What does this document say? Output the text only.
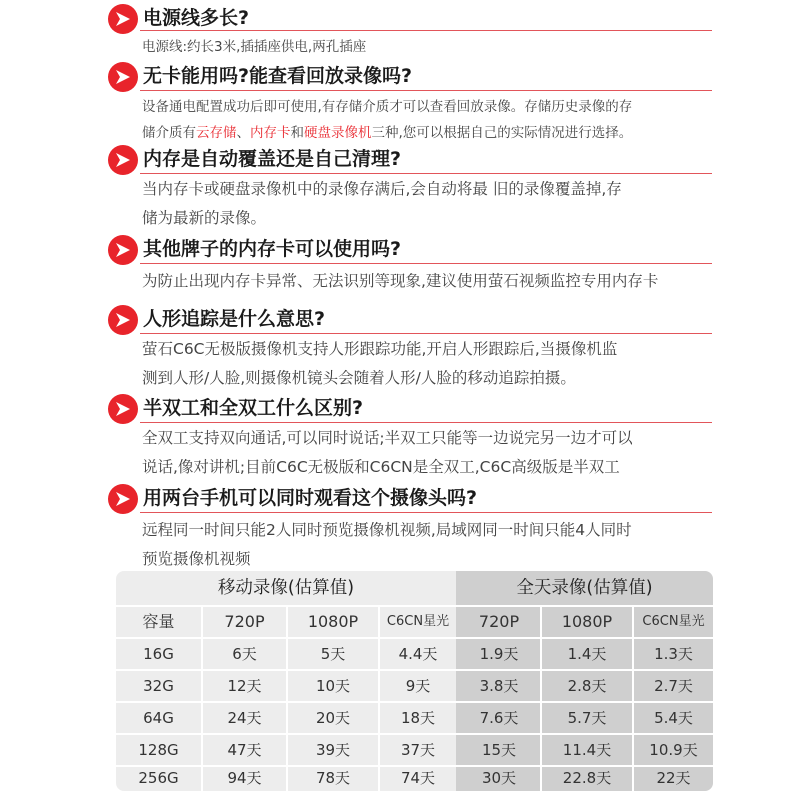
电源线多长?
电源线:约长3米,插插座供电,两孔插座
无卡能用吗?能查看回放录像吗?
设备通电配置成功后即可使用,有存储介质才可以查看回放录像。存储历史录像的存
储介质有云存储、内存卡和硬盘录像机三种,您可以根据自己的实际情况进行选择。
内存是自动覆盖还是自己清理?
当内存卡或硬盘录像机中的录像存满后,会自动将最 旧的录像覆盖掉,存
储为最新的录像。
其他牌子的内存卡可以使用吗?
为防止出现内存卡异常、无法识别等现象,建议使用萤石视频监控专用内存卡
人形追踪是什么意思?
萤石C6C无极版摄像机支持人形跟踪功能,开启人形跟踪后,当摄像机监
测到人形/人脸,则摄像机镜头会随着人形/人脸的移动追踪拍摄。
半双工和全双工什么区别?
全双工支持双向通话,可以同时说话;半双工只能等一边说完另一边才可以
说话,像对讲机;目前C6C无极版和C6CN是全双工,C6C高级版是半双工
用两台手机可以同时观看这个摄像头吗?
远程同一时间只能2人同时预览摄像机视频,局域网同一时间只能4人同时
预览摄像机视频
移动录像(估算值)	全天录像(估算值)
容量	720P	1080P	C6CN星光	720P	1080P	C6CN星光
16G	6天	5天	4.4天	1.9天	1.4天	1.3天
32G	12天	10天	9天	3.8天	2.8天	2.7天
64G	24天	20天	18天	7.6天	5.7天	5.4天
128G	47天	39天	37天	15天	11.4天	10.9天
256G	94天	78天	74天	30天	22.8天	22天
